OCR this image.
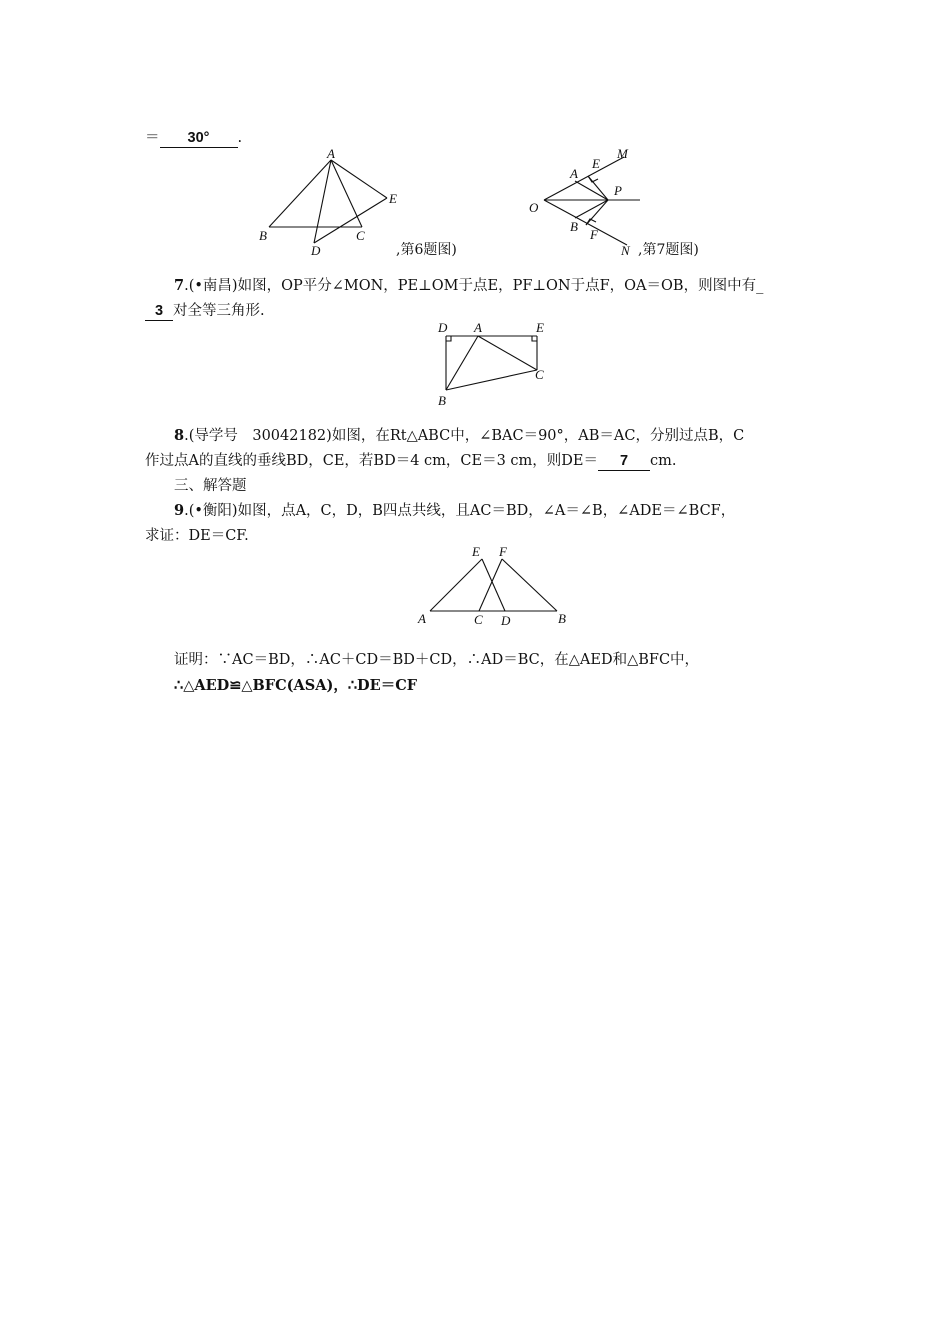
＝ 30° .
A
B	C
D
E
,第6题图)
M
E
A
P
O
B
F
N ,第7题图)
7.(•南昌)如图，OP平分∠MON，PE⊥OM于点E，PF⊥ON于点F，OA＝OB，则图中有_
3 对全等三角形.
D A	E
B
C
8.(导学号　30042182)如图，在Rt△ABC中，∠BAC＝90°，AB＝AC，分别过点B，C
作过点A的直线的垂线BD，CE，若BD＝4 cm，CE＝3 cm，则DE＝ 7 cm.
三、解答题
9.(•衡阳)如图，点A，C，D，B四点共线，且AC＝BD，∠A＝∠B，∠ADE＝∠BCF，
求证：DE＝CF.
E F
A	C D	B
证明：∵AC＝BD，∴AC＋CD＝BD＋CD，∴AD＝BC，在△AED和△BFC中，
∴△AED≌△BFC(ASA)，∴DE＝CF
